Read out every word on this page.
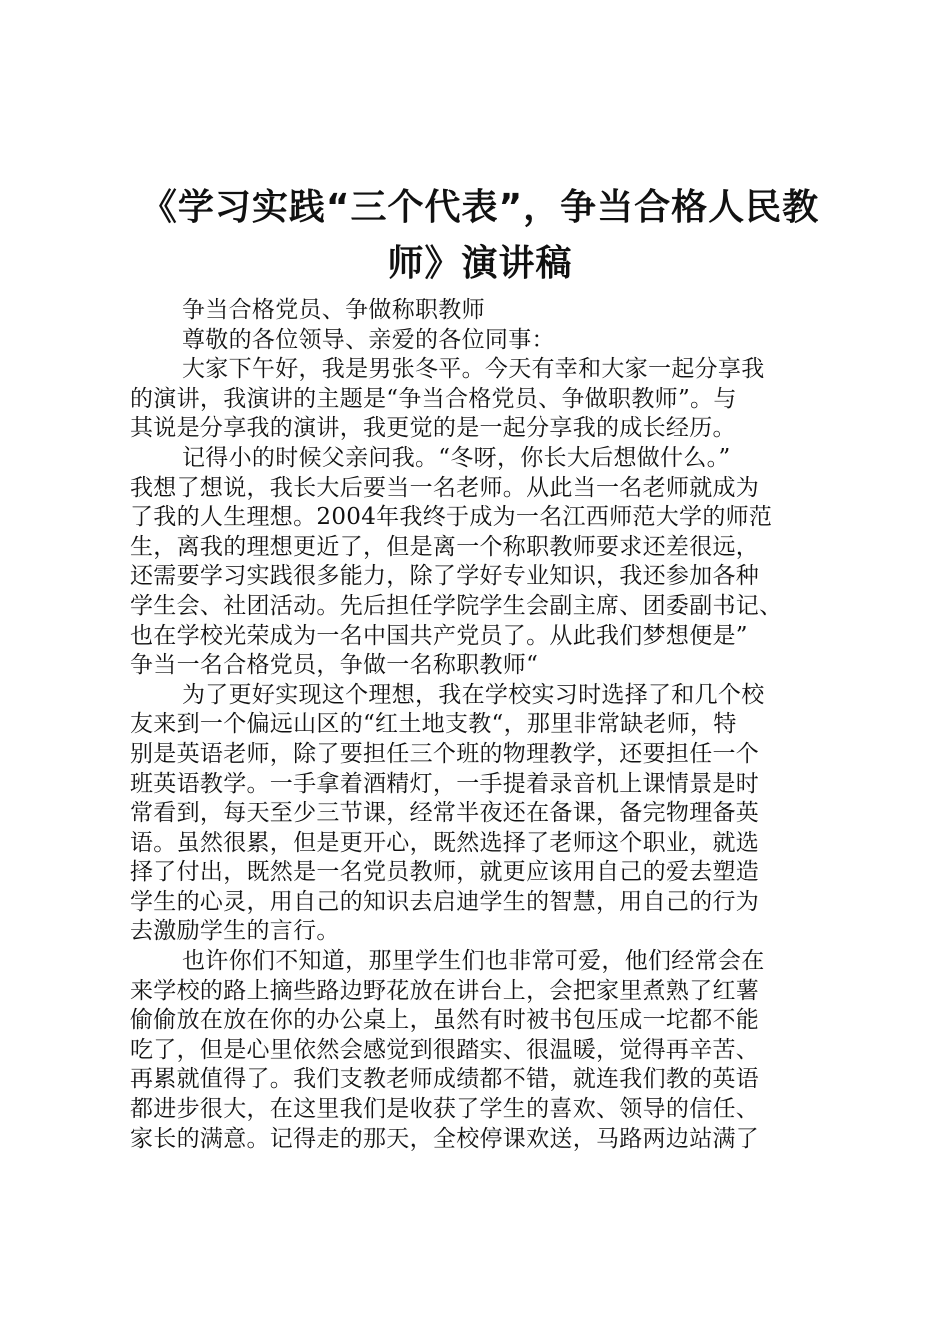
《学习实践“三个代表”，争当合格人民教
师》演讲稿

争当合格党员、争做称职教师

尊敬的各位领导、亲爱的各位同事：

大家下午好，我是男张冬平。今天有幸和大家一起分享我

的演讲，我演讲的主题是“争当合格党员、争做职教师”。与

其说是分享我的演讲，我更觉的是一起分享我的成长经历。

记得小的时候父亲问我。“冬呀，你长大后想做什么。”

我想了想说，我长大后要当一名老师。从此当一名老师就成为

了我的人生理想。2004年我终于成为一名江西师范大学的师范

生，离我的理想更近了，但是离一个称职教师要求还差很远，

还需要学习实践很多能力，除了学好专业知识，我还参加各种

学生会、社团活动。先后担任学院学生会副主席、团委副书记、

也在学校光荣成为一名中国共产党员了。从此我们梦想便是”

争当一名合格党员，争做一名称职教师“

为了更好实现这个理想，我在学校实习时选择了和几个校

友来到一个偏远山区的“红土地支教“，那里非常缺老师，特

别是英语老师，除了要担任三个班的物理教学，还要担任一个

班英语教学。一手拿着酒精灯，一手提着录音机上课情景是时

常看到，每天至少三节课，经常半夜还在备课，备完物理备英

语。虽然很累，但是更开心，既然选择了老师这个职业，就选

择了付出，既然是一名党员教师，就更应该用自己的爱去塑造

学生的心灵，用自己的知识去启迪学生的智慧，用自己的行为

去激励学生的言行。

也许你们不知道，那里学生们也非常可爱，他们经常会在

来学校的路上摘些路边野花放在讲台上，会把家里煮熟了红薯

偷偷放在放在你的办公桌上，虽然有时被书包压成一坨都不能

吃了，但是心里依然会感觉到很踏实、很温暖，觉得再辛苦、

再累就值得了。我们支教老师成绩都不错，就连我们教的英语

都进步很大，在这里我们是收获了学生的喜欢、领导的信任、

家长的满意。记得走的那天，全校停课欢送，马路两边站满了
